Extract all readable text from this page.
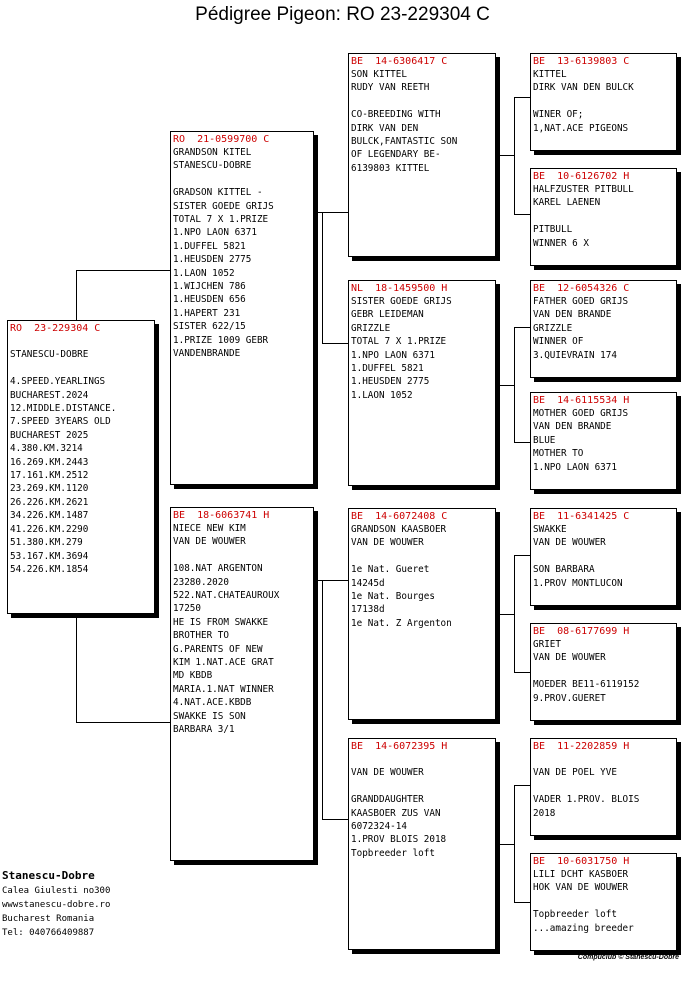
Pédigree Pigeon: RO 23-229304 C
RO  23-229304 C

STANESCU-DOBRE

4.SPEED.YEARLINGS
BUCHAREST.2024
12.MIDDLE.DISTANCE.
7.SPEED 3YEARS OLD
BUCHAREST 2025
4.380.KM.3214
16.269.KM.2443
17.161.KM.2512
23.269.KM.1120
26.226.KM.2621
34.226.KM.1487
41.226.KM.2290
51.380.KM.279
53.167.KM.3694
54.226.KM.1854
RO  21-0599700 C
GRANDSON KITEL
STANESCU-DOBRE

GRADSON KITTEL -
SISTER GOEDE GRIJS
TOTAL 7 X 1.PRIZE
1.NPO LAON 6371
1.DUFFEL 5821
1.HEUSDEN 2775
1.LAON 1052
1.WIJCHEN 786
1.HEUSDEN 656
1.HAPERT 231
SISTER 622/15
1.PRIZE 1009 GEBR
VANDENBRANDE
BE  18-6063741 H
NIECE NEW KIM
VAN DE WOUWER

108.NAT ARGENTON
23280.2020
522.NAT.CHATEAUROUX
17250
HE IS FROM SWAKKE
BROTHER TO
G.PARENTS OF NEW
KIM 1.NAT.ACE GRAT
MD KBDB
MARIA.1.NAT WINNER
4.NAT.ACE.KBDB
SWAKKE IS SON
BARBARA 3/1
BE  14-6306417 C
SON KITTEL
RUDY VAN REETH

CO-BREEDING WITH
DIRK VAN DEN
BULCK,FANTASTIC SON
OF LEGENDARY BE-
6139803 KITTEL
NL  18-1459500 H
SISTER GOEDE GRIJS
GEBR LEIDEMAN
GRIZZLE
TOTAL 7 X 1.PRIZE
1.NPO LAON 6371
1.DUFFEL 5821
1.HEUSDEN 2775
1.LAON 1052
BE  14-6072408 C
GRANDSON KAASBOER
VAN DE WOUWER

1e Nat. Gueret
14245d
1e Nat. Bourges
17138d
1e Nat. Z Argenton
BE  14-6072395 H

VAN DE WOUWER

GRANDDAUGHTER
KAASBOER ZUS VAN
6072324-14
1.PROV BLOIS 2018
Topbreeder loft
BE  13-6139803 C
KITTEL
DIRK VAN DEN BULCK

WINER OF;
1,NAT.ACE PIGEONS
BE  10-6126702 H
HALFZUSTER PITBULL
KAREL LAENEN

PITBULL
WINNER 6 X
BE  12-6054326 C
FATHER GOED GRIJS
VAN DEN BRANDE
GRIZZLE
WINNER OF
3.QUIEVRAIN 174
BE  14-6115534 H
MOTHER GOED GRIJS
VAN DEN BRANDE
BLUE
MOTHER TO
1.NPO LAON 6371
BE  11-6341425 C
SWAKKE
VAN DE WOUWER

SON BARBARA
1.PROV MONTLUCON
BE  08-6177699 H
GRIET
VAN DE WOUWER

MOEDER BE11-6119152
9.PROV.GUERET
BE  11-2202859 H

VAN DE POEL YVE

VADER 1.PROV. BLOIS
2018
BE  10-6031750 H
LILI DCHT KASBOER
HOK VAN DE WOUWER

Topbreeder loft
...amazing breeder
Stanescu-Dobre
Calea Giulesti no300
wwwstanescu-dobre.ro
Bucharest Romania
Tel: 040766409887
Compuclub © Stanescu-Dobre
